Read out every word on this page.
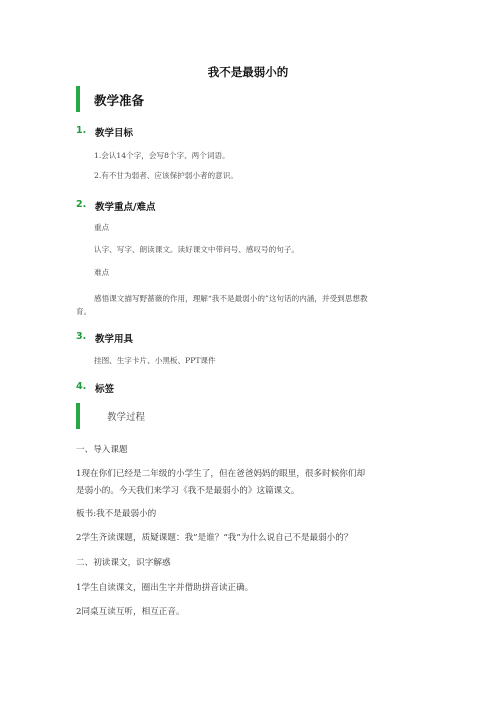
我不是最弱小的
教学准备
1. 教学目标
1.会认14个字，会写8个字、两个词语。
2.有不甘为弱者、应该保护弱小者的意识。
2. 教学重点/难点
重点
认字、写字、朗读课文。读好课文中带问号、感叹号的句子。
难点
感悟课文描写野蔷薇的作用，理解“我不是最弱小的”这句话的内涵，并受到思想教
育。
3. 教学用具
挂图、生字卡片、小黑板、PPT课件
4. 标签
教学过程
一、导入课题
1现在你们已经是二年级的小学生了，但在爸爸妈妈的眼里，很多时候你们却
是弱小的。今天我们来学习《我不是最弱小的》这篇课文。
板书:我不是最弱小的
2学生齐读课题，质疑课题：我”是谁？“我”为什么说自己不是最弱小的？
二、初读课文，识字解惑
1学生自读课文，圈出生字并借助拼音读正确。
2同桌互读互听，相互正音。
